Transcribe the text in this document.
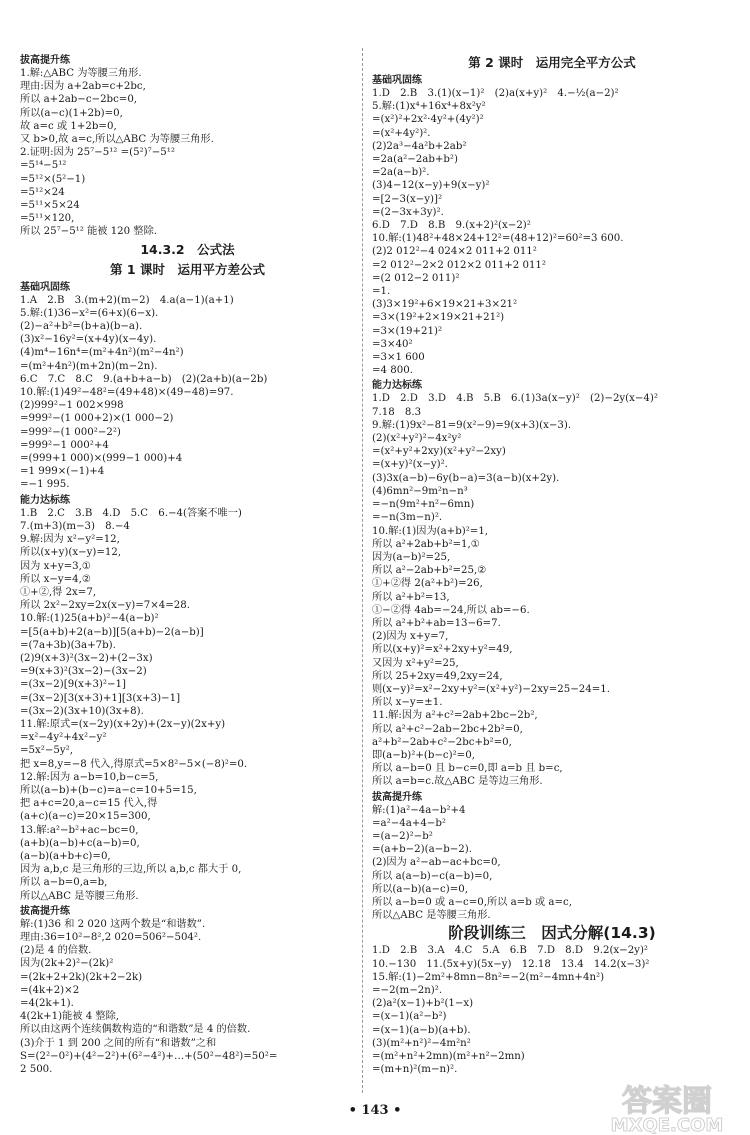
拔高提升练
1.解:△ABC 为等腰三角形.
理由:因为 a+2ab=c+2bc,
所以 a+2ab−c−2bc=0,
所以(a−c)(1+2b)=0,
故 a=c 或 1+2b=0,
又 b>0,故 a=c,所以△ABC 为等腰三角形.
2.证明:因为 25⁷−5¹² =(5²)⁷−5¹²
=5¹⁴−5¹²
=5¹²×(5²−1)
=5¹²×24
=5¹¹×5×24
=5¹¹×120,
所以 25⁷−5¹² 能被 120 整除.
14.3.2　公式法
第 1 课时　运用平方差公式
基础巩固练
1.A　2.B　3.(m+2)(m−2)　4.a(a−1)(a+1)
5.解:(1)36−x²=(6+x)(6−x).
(2)−a²+b²=(b+a)(b−a).
(3)x²−16y²=(x+4y)(x−4y).
(4)m⁴−16n⁴=(m²+4n²)(m²−4n²)
=(m²+4n²)(m+2n)(m−2n).
6.C　7.C　8.C　9.(a+b+a−b)　(2)(2a+b)(a−2b)
10.解:(1)49²−48²=(49+48)×(49−48)=97.
(2)999²−1 002×998
=999²−(1 000+2)×(1 000−2)
=999²−(1 000²−2²)
=999²−1 000²+4
=(999+1 000)×(999−1 000)+4
=1 999×(−1)+4
=−1 995.
能力达标练
1.B　2.C　3.B　4.D　5.C　6.−4(答案不唯一)
7.(m+3)(m−3)　8.−4
9.解:因为 x²−y²=12,
所以(x+y)(x−y)=12,
因为 x+y=3,①
所以 x−y=4,②
①+②,得 2x=7,
所以 2x²−2xy=2x(x−y)=7×4=28.
10.解:(1)25(a+b)²−4(a−b)²
=[5(a+b)+2(a−b)][5(a+b)−2(a−b)]
=(7a+3b)(3a+7b).
(2)9(x+3)²(3x−2)+(2−3x)
=9(x+3)²(3x−2)−(3x−2)
=(3x−2)[9(x+3)²−1]
=(3x−2)[3(x+3)+1][3(x+3)−1]
=(3x−2)(3x+10)(3x+8).
11.解:原式=(x−2y)(x+2y)+(2x−y)(2x+y)
=x²−4y²+4x²−y²
=5x²−5y²,
把 x=8,y=−8 代入,得原式=5×8²−5×(−8)²=0.
12.解:因为 a−b=10,b−c=5,
所以(a−b)+(b−c)=a−c=10+5=15,
把 a+c=20,a−c=15 代入,得
(a+c)(a−c)=20×15=300,
13.解:a²−b²+ac−bc=0,
(a+b)(a−b)+c(a−b)=0,
(a−b)(a+b+c)=0,
因为 a,b,c 是三角形的三边,所以 a,b,c 都大于 0,
所以 a−b=0,a=b,
所以△ABC 是等腰三角形.
拔高提升练
解:(1)36 和 2 020 这两个数是“和谐数”.
理由:36=10²−8²,2 020=506²−504².
(2)是 4 的倍数.
因为(2k+2)²−(2k)²
=(2k+2+2k)(2k+2−2k)
=(4k+2)×2
=4(2k+1).
4(2k+1)能被 4 整除,
所以由这两个连续偶数构造的“和谐数”是 4 的倍数.
(3)介于 1 到 200 之间的所有“和谐数”之和
S=(2²−0²)+(4²−2²)+(6²−4²)+…+(50²−48²)=50²=
2 500.
第 2 课时　运用完全平方公式
基础巩固练
1.D　2.B　3.(1)(x−1)²　(2)a(x+y)²　4.−½(a−2)²
5.解:(1)x⁴+16x⁴+8x²y²
=(x²)²+2x²·4y²+(4y²)²
=(x²+4y²)².
(2)2a³−4a²b+2ab²
=2a(a²−2ab+b²)
=2a(a−b)².
(3)4−12(x−y)+9(x−y)²
=[2−3(x−y)]²
=(2−3x+3y)².
6.D　7.D　8.B　9.(x+2)²(x−2)²
10.解:(1)48²+48×24+12²=(48+12)²=60²=3 600.
(2)2 012²−4 024×2 011+2 011²
=2 012²−2×2 012×2 011+2 011²
=(2 012−2 011)²
=1.
(3)3×19²+6×19×21+3×21²
=3×(19²+2×19×21+21²)
=3×(19+21)²
=3×40²
=3×1 600
=4 800.
能力达标练
1.D　2.D　3.D　4.B　5.B　6.(1)3a(x−y)²　(2)−2y(x−4)²
7.18　8.3
9.解:(1)9x²−81=9(x²−9)=9(x+3)(x−3).
(2)(x²+y²)²−4x²y²
=(x²+y²+2xy)(x²+y²−2xy)
=(x+y)²(x−y)².
(3)3x(a−b)−6y(b−a)=3(a−b)(x+2y).
(4)6mn²−9m²n−n³
=−n(9m²+n²−6mn)
=−n(3m−n)².
10.解:(1)因为(a+b)²=1,
所以 a²+2ab+b²=1,①
因为(a−b)²=25,
所以 a²−2ab+b²=25,②
①+②得 2(a²+b²)=26,
所以 a²+b²=13,
①−②得 4ab=−24,所以 ab=−6.
所以 a²+b²+ab=13−6=7.
(2)因为 x+y=7,
所以(x+y)²=x²+2xy+y²=49,
又因为 x²+y²=25,
所以 25+2xy=49,2xy=24,
则(x−y)²=x²−2xy+y²=(x²+y²)−2xy=25−24=1.
所以 x−y=±1.
11.解:因为 a²+c²=2ab+2bc−2b²,
所以 a²+c²−2ab−2bc+2b²=0,
a²+b²−2ab+c²−2bc+b²=0,
即(a−b)²+(b−c)²=0,
所以 a−b=0 且 b−c=0,即 a=b 且 b=c,
所以 a=b=c.故△ABC 是等边三角形.
拔高提升练
解:(1)a²−4a−b²+4
=a²−4a+4−b²
=(a−2)²−b²
=(a+b−2)(a−b−2).
(2)因为 a²−ab−ac+bc=0,
所以 a(a−b)−c(a−b)=0,
所以(a−b)(a−c)=0,
所以 a−b=0 或 a−c=0,所以 a=b 或 a=c,
所以△ABC 是等腰三角形.
阶段训练三　因式分解(14.3)
1.D　2.B　3.A　4.C　5.A　6.B　7.D　8.D　9.2(x−2y)²
10.−130　11.(5x+y)(5x−y)　12.18　13.4　14.2(x−3)²
15.解:(1)−2m²+8mn−8n²=−2(m²−4mn+4n²)
=−2(m−2n)².
(2)a²(x−1)+b²(1−x)
=(x−1)(a²−b²)
=(x−1)(a−b)(a+b).
(3)(m²+n²)²−4m²n²
=(m²+n²+2mn)(m²+n²−2mn)
=(m+n)²(m−n)².
• 143 •	答案圈
MXQE.COM
